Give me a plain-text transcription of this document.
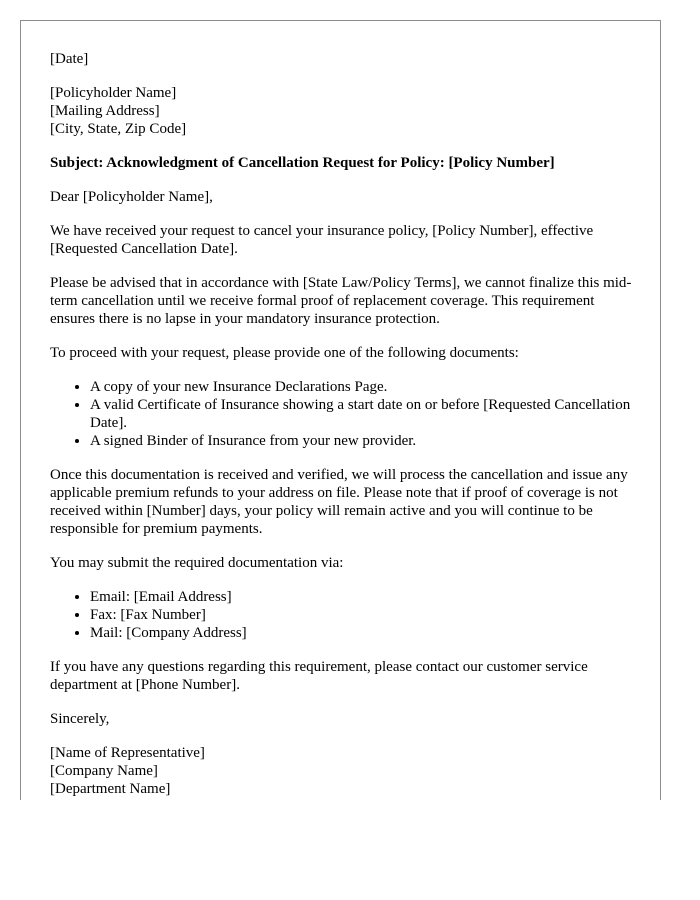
[Date]

[Policyholder Name]
[Mailing Address]
[City, State, Zip Code]

Subject: Acknowledgment of Cancellation Request for Policy: [Policy Number]

Dear [Policyholder Name],

We have received your request to cancel your insurance policy, [Policy Number], effective [Requested Cancellation Date].

Please be advised that in accordance with [State Law/Policy Terms], we cannot finalize this mid-term cancellation until we receive formal proof of replacement coverage. This requirement ensures there is no lapse in your mandatory insurance protection.

To proceed with your request, please provide one of the following documents:

• A copy of your new Insurance Declarations Page.
• A valid Certificate of Insurance showing a start date on or before [Requested Cancellation Date].
• A signed Binder of Insurance from your new provider.

Once this documentation is received and verified, we will process the cancellation and issue any applicable premium refunds to your address on file. Please note that if proof of coverage is not received within [Number] days, your policy will remain active and you will continue to be responsible for premium payments.

You may submit the required documentation via:

• Email: [Email Address]
• Fax: [Fax Number]
• Mail: [Company Address]

If you have any questions regarding this requirement, please contact our customer service department at [Phone Number].

Sincerely,

[Name of Representative]
[Company Name]
[Department Name]
